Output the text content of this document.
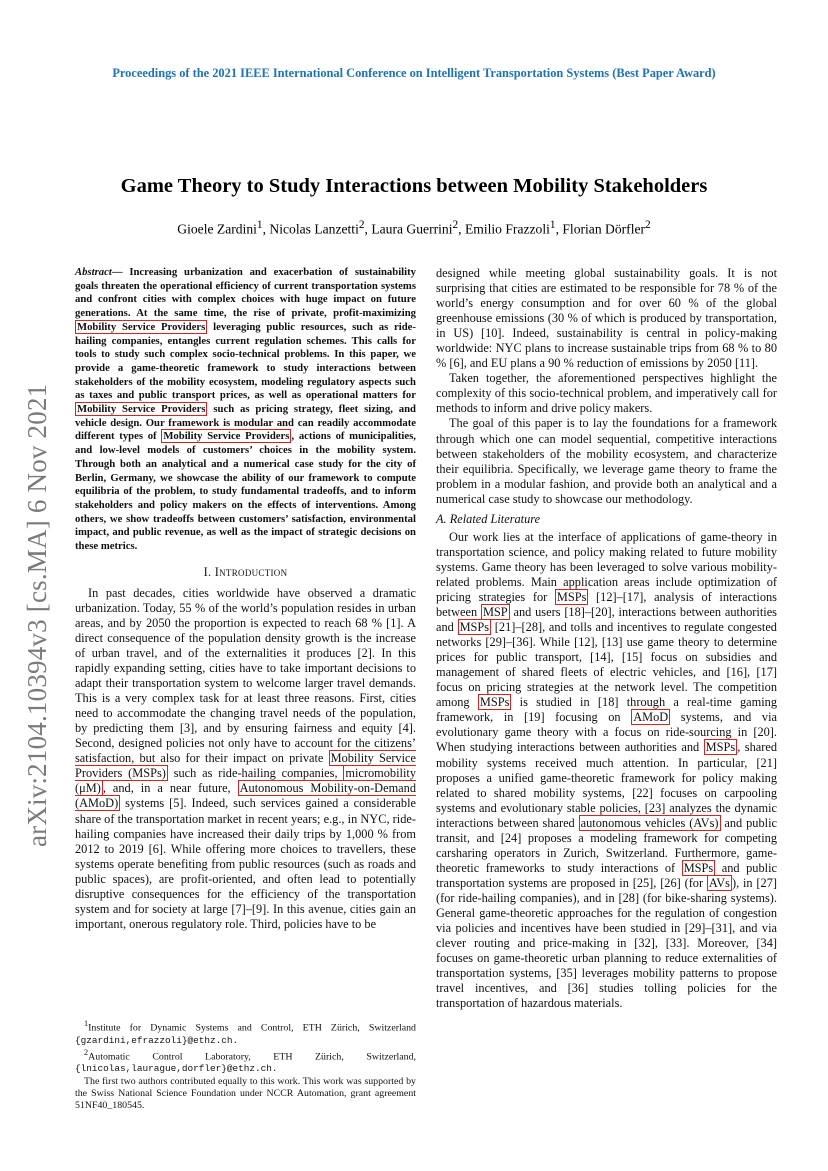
Proceedings of the 2021 IEEE International Conference on Intelligent Transportation Systems (Best Paper Award)
Game Theory to Study Interactions between Mobility Stakeholders
Gioele Zardini$^1$, Nicolas Lanzetti$^2$, Laura Guerrini$^2$, Emilio Frazzoli$^1$, Florian Dörfler$^2$
arXiv:2104.10394v3 [cs.MA] 6 Nov 2021
Abstract— Increasing urbanization and exacerbation of sustainability goals threaten the operational efficiency of current transportation systems and confront cities with complex choices with huge impact on future generations. At the same time, the rise of private, profit-maximizing Mobility Service Providers leveraging public resources, such as ride-hailing companies, entangles current regulation schemes. This calls for tools to study such complex socio-technical problems. In this paper, we provide a game-theoretic framework to study interactions between stakeholders of the mobility ecosystem, modeling regulatory aspects such as taxes and public transport prices, as well as operational matters for Mobility Service Providers such as pricing strategy, fleet sizing, and vehicle design. Our framework is modular and can readily accommodate different types of Mobility Service Providers , actions of municipalities, and low-level models of customers’ choices in the mobility system. Through both an analytical and a numerical case study for the city of Berlin, Germany, we showcase the ability of our framework to compute equilibria of the problem, to study fundamental tradeoffs, and to inform stakeholders and policy makers on the effects of interventions. Among others, we show tradeoffs between customers’ satisfaction, environmental impact, and public revenue, as well as the impact of strategic decisions on these metrics.
I. Introduction

In past decades, cities worldwide have observed a dramatic urbanization. Today, 55 % of the world’s population resides in urban areas, and by 2050 the proportion is expected to reach 68 % [1]. A direct consequence of the population density growth is the increase of urban travel, and of the externalities it produces [2]. In this rapidly expanding setting, cities have to take important decisions to adapt their transportation system to welcome larger travel demands. This is a very complex task for at least three reasons. First, cities need to accommodate the changing travel needs of the population, by predicting them [3], and by ensuring fairness and equity [4]. Second, designed policies not only have to account for the citizens’ satisfaction, but also for their impact on private Mobility Service Providers (MSPs) such as ride-hailing companies, micromobility (μM) , and, in a near future, Autonomous Mobility-on-Demand (AMoD) systems [5]. Indeed, such services gained a considerable share of the transportation market in recent years; e.g., in NYC, ride-hailing companies have increased their daily trips by 1,000 % from 2012 to 2019 [6]. While offering more choices to travellers, these systems operate benefiting from public resources (such as roads and public spaces), are profit-oriented, and often lead to potentially disruptive consequences for the efficiency of the transportation system and for society at large [7]–[9]. In this avenue, cities gain an important, onerous regulatory role. Third, policies have to be

$^1$Institute for Dynamic Systems and Control, ETH Zürich, Switzerland {gzardini,efrazzoli}@ethz.ch.

$^2$Automatic Control Laboratory, ETH Zürich, Switzerland, {lnicolas,laurague,dorfler}@ethz.ch.

The first two authors contributed equally to this work. This work was supported by the Swiss National Science Foundation under NCCR Automation, grant agreement 51NF40_180545.

designed while meeting global sustainability goals. It is not surprising that cities are estimated to be responsible for 78 % of the world’s energy consumption and for over 60 % of the global greenhouse emissions (30 % of which is produced by transportation, in US) [10]. Indeed, sustainability is central in policy-making worldwide: NYC plans to increase sustainable trips from 68 % to 80 % [6], and EU plans a 90 % reduction of emissions by 2050 [11].

Taken together, the aforementioned perspectives highlight the complexity of this socio-technical problem, and imperatively call for methods to inform and drive policy makers.

The goal of this paper is to lay the foundations for a framework through which one can model sequential, competitive interactions between stakeholders of the mobility ecosystem, and characterize their equilibria. Specifically, we leverage game theory to frame the problem in a modular fashion, and provide both an analytical and a numerical case study to showcase our methodology.

A. Related Literature

Our work lies at the interface of applications of game-theory in transportation science, and policy making related to future mobility systems. Game theory has been leveraged to solve various mobility-related problems. Main application areas include optimization of pricing strategies for MSPs [12]–[17], analysis of interactions between MSP and users [18]–[20], interactions between authorities and MSPs [21]–[28], and tolls and incentives to regulate congested networks [29]–[36]. While [12], [13] use game theory to determine prices for public transport, [14], [15] focus on subsidies and management of shared fleets of electric vehicles, and [16], [17] focus on pricing strategies at the network level. The competition among MSPs is studied in [18] through a real-time gaming framework, in [19] focusing on AMoD systems, and via evolutionary game theory with a focus on ride-sourcing in [20]. When studying interactions between authorities and MSPs , shared mobility systems received much attention. In particular, [21] proposes a unified game-theoretic framework for policy making related to shared mobility systems, [22] focuses on carpooling systems and evolutionary stable policies, [23] analyzes the dynamic interactions between shared autonomous vehicles (AVs) and public transit, and [24] proposes a modeling framework for competing carsharing operators in Zurich, Switzerland. Furthermore, game-theoretic frameworks to study interactions of MSPs and public transportation systems are proposed in [25], [26] (for AVs ), in [27] (for ride-hailing companies), and in [28] (for bike-sharing systems). General game-theoretic approaches for the regulation of congestion via policies and incentives have been studied in [29]–[31], and via clever routing and price-making in [32], [33]. Moreover, [34] focuses on game-theoretic urban planning to reduce externalities of transportation systems, [35] leverages mobility patterns to propose travel incentives, and [36] studies tolling policies for the transportation of hazardous materials.
